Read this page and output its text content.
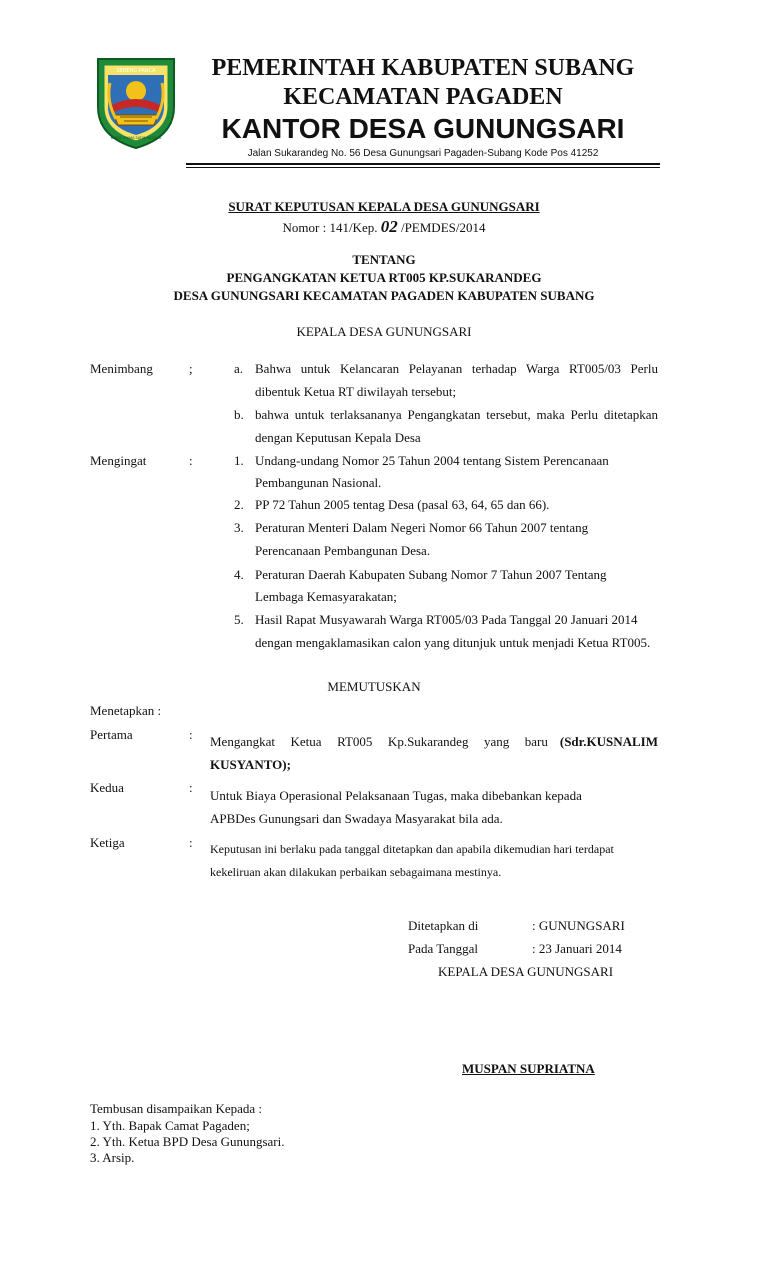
SERENG PANCA
KARTA UTAMA SATYA NEGARA
PEMERINTAH KABUPATEN SUBANG
KECAMATAN PAGADEN
KANTOR DESA GUNUNGSARI
Jalan Sukarandeg No. 56 Desa Gunungsari Pagaden-Subang Kode Pos 41252
SURAT KEPUTUSAN KEPALA DESA GUNUNGSARI
Nomor : 141/Kep. 02 /PEMDES/2014
TENTANG
PENGANGKATAN KETUA RT005 KP.SUKARANDEG
DESA GUNUNGSARI KECAMATAN PAGADEN KABUPATEN SUBANG
KEPALA DESA GUNUNGSARI
Menimbang	;	a. Bahwa untuk Kelancaran Pelayanan terhadap Warga RT005/03 Perlu
dibentuk Ketua RT diwilayah tersebut;
b. bahwa untuk terlaksananya Pengangkatan tersebut, maka Perlu ditetapkan
dengan Keputusan Kepala Desa
Mengingat	:	1. Undang-undang Nomor 25 Tahun 2004 tentang Sistem Perencanaan
Pembangunan Nasional.
2. PP 72 Tahun 2005 tentag Desa (pasal 63, 64, 65 dan 66).
3. Peraturan Menteri Dalam Negeri Nomor 66 Tahun 2007 tentang
Perencanaan Pembangunan Desa.
4. Peraturan Daerah Kabupaten Subang Nomor 7 Tahun 2007 Tentang
Lembaga Kemasyarakatan;
5. Hasil Rapat Musyawarah Warga RT005/03 Pada Tanggal 20 Januari 2014
dengan mengaklamasikan calon yang ditunjuk untuk menjadi Ketua RT005.
MEMUTUSKAN
Menetapkan :
Pertama	: Mengangkat Ketua RT005 Kp.Sukarandeg yang baru (Sdr.KUSNALIM
KUSYANTO);
Kedua	:
Untuk Biaya Operasional Pelaksanaan Tugas, maka dibebankan kepada
APBDes Gunungsari dan Swadaya Masyarakat bila ada.
Ketiga	: Keputusan ini berlaku pada tanggal ditetapkan dan apabila dikemudian hari terdapat
kekeliruan akan dilakukan perbaikan sebagaimana mestinya.
Ditetapkan di	: GUNUNGSARI
Pada Tanggal	: 23 Januari 2014
KEPALA DESA GUNUNGSARI
MUSPAN SUPRIATNA
Tembusan disampaikan Kepada :
1. Yth. Bapak Camat Pagaden;
2. Yth. Ketua BPD Desa Gunungsari.
3. Arsip.
